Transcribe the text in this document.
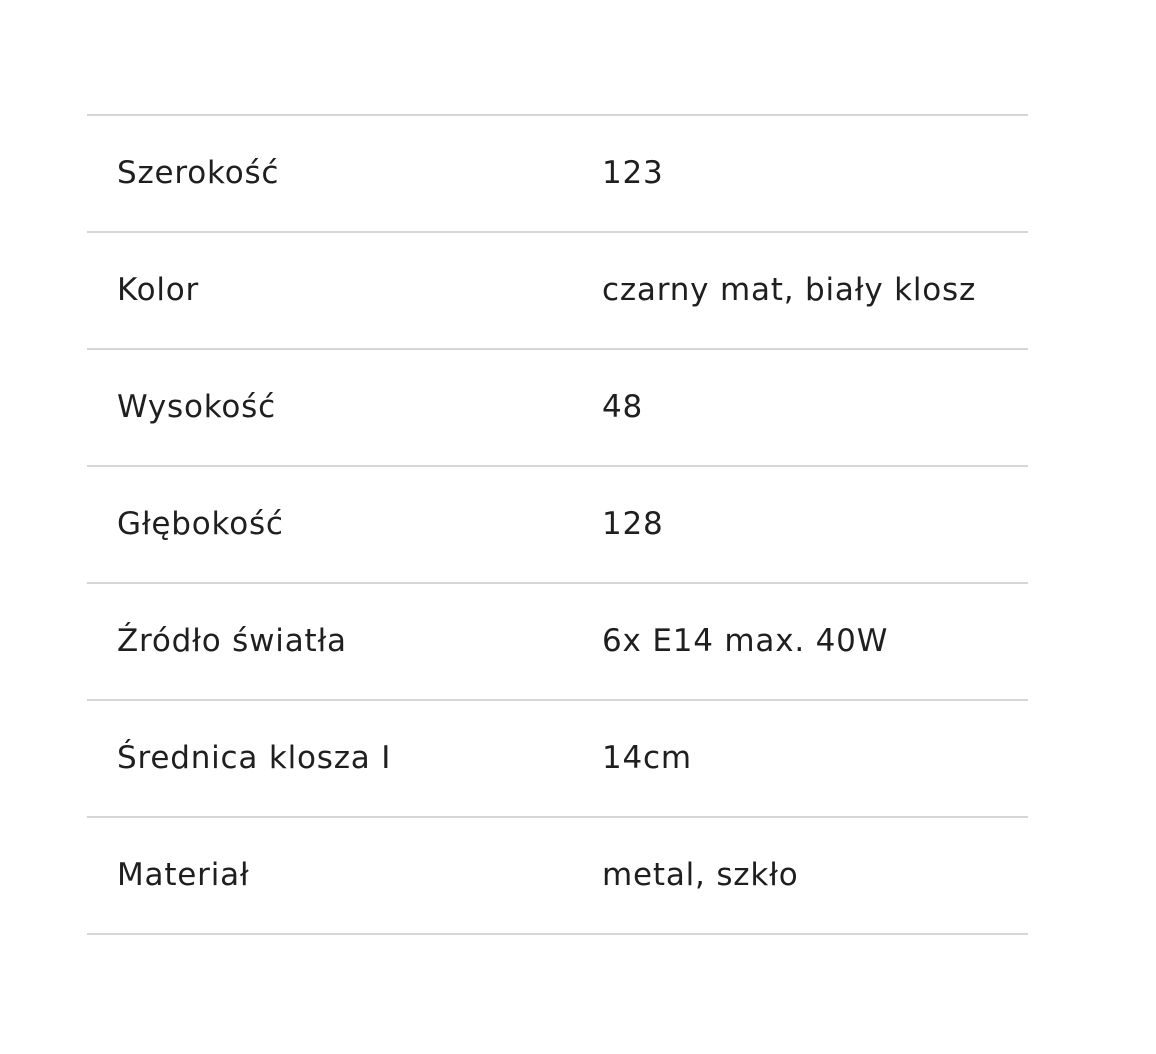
Szerokość	123
Kolor	czarny mat, biały klosz
Wysokość	48
Głębokość	128
Źródło światła	6x E14 max. 40W
Średnica klosza I	14cm
Materiał	metal, szkło
